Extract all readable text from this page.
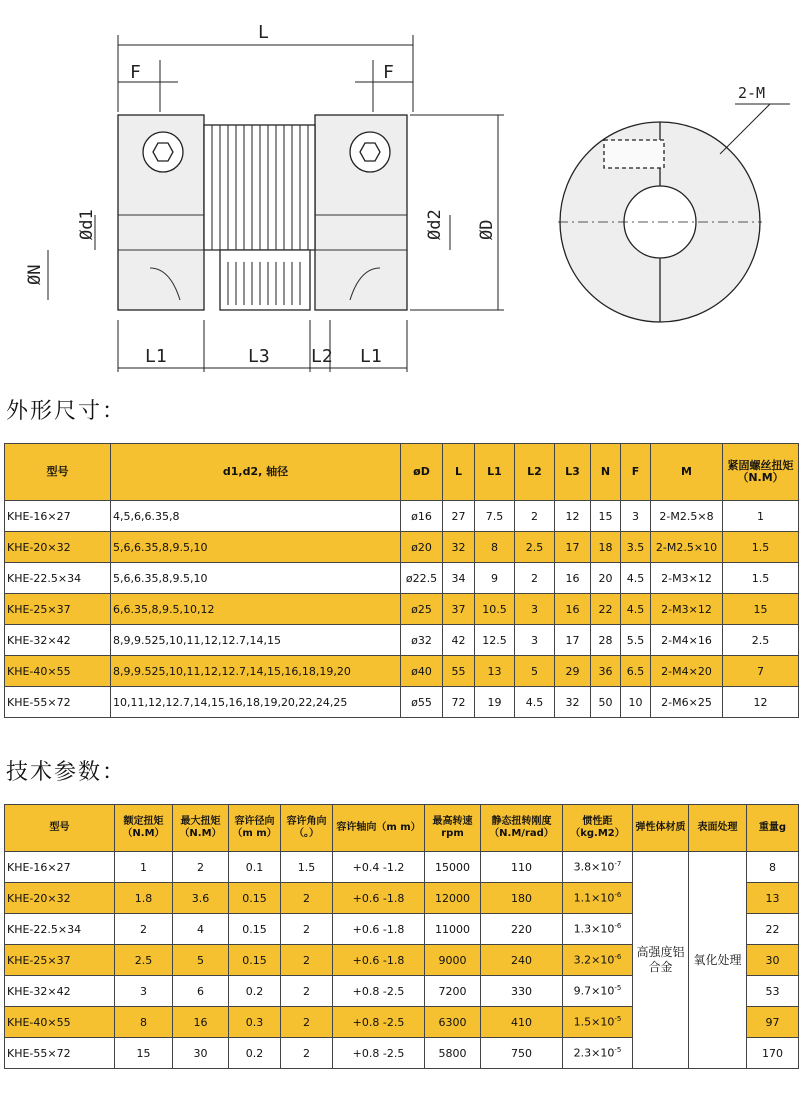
L
F	F
L1	L3 L2 L1
Ød1	Ød2 ØD
ØN
2-M
外形尺寸：
型号	d1,d2, 轴径	øD	L	L1	L2	L3	N	F	M	紧固螺丝扭矩（N.M）
KHE-16×27	4,5,6,6.35,8	ø16	27	7.5	2	12	15	3	2-M2.5×8	1
KHE-20×32	5,6,6.35,8,9.5,10	ø20	32	8	2.5	17	18	3.5	2-M2.5×10	1.5
KHE-22.5×34	5,6,6.35,8,9.5,10	ø22.5	34	9	2	16	20	4.5	2-M3×12	1.5
KHE-25×37	6,6.35,8,9.5,10,12	ø25	37	10.5	3	16	22	4.5	2-M3×12	15
KHE-32×42	8,9,9.525,10,11,12,12.7,14,15	ø32	42	12.5	3	17	28	5.5	2-M4×16	2.5
KHE-40×55	8,9,9.525,10,11,12,12.7,14,15,16,18,19,20	ø40	55	13	5	29	36	6.5	2-M4×20	7
KHE-55×72	10,11,12,12.7,14,15,16,18,19,20,22,24,25	ø55	72	19	4.5	32	50	10	2-M6×25	12
技术参数：
型号	额定扭矩（N.M）	最大扭矩（N.M）	容许径向（m m）	容许角向（。）	容许轴向（m m）	最高转速 rpm	静态扭转刚度（N.M/rad）	惯性距（kg.M2）	弹性体材质	表面处理	重量g
KHE-16×27	1	2	0.1	1.5	+0.4 -1.2	15000	110	$3.8\times 10^{-7}$	高强度铝合金	氧化处理	8
KHE-20×32	1.8	3.6	0.15	2	+0.6 -1.8	12000	180	$1.1\times 10^{-6}$			13
KHE-22.5×34	2	4	0.15	2	+0.6 -1.8	11000	220	$1.3\times 10^{-6}$			22
KHE-25×37	2.5	5	0.15	2	+0.6 -1.8	9000	240	$3.2\times 10^{-6}$			30
KHE-32×42	3	6	0.2	2	+0.8 -2.5	7200	330	$9.7\times 10^{-5}$			53
KHE-40×55	8	16	0.3	2	+0.8 -2.5	6300	410	$1.5\times 10^{-5}$			97
KHE-55×72	15	30	0.2	2	+0.8 -2.5	5800	750	$2.3\times 10^{-5}$			170
